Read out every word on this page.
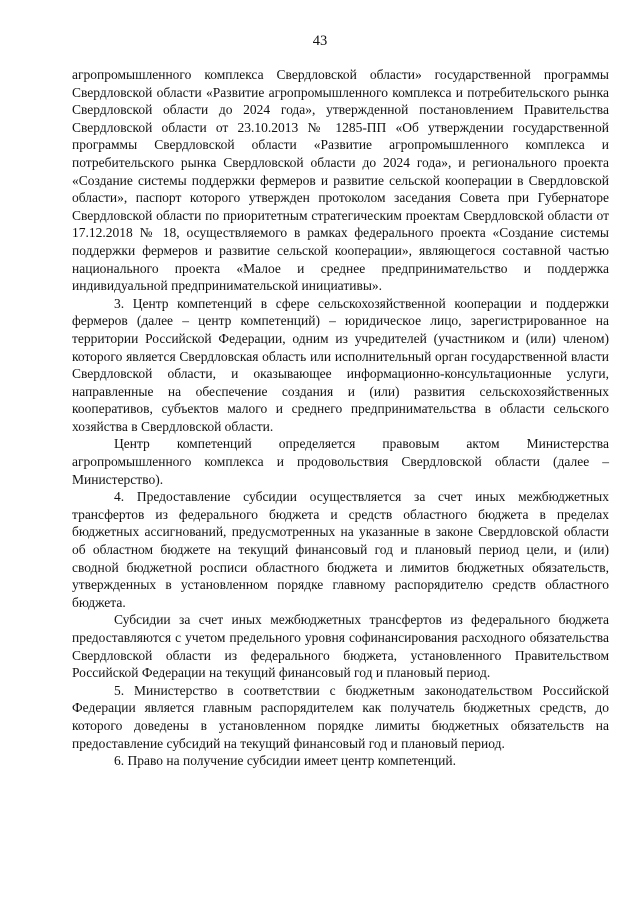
43

агропромышленного комплекса Свердловской области» государственной программы Свердловской области «Развитие агропромышленного комплекса и потребительского рынка Свердловской области до 2024 года», утвержденной постановлением Правительства Свердловской области от 23.10.2013 № 1285-ПП «Об утверждении государственной программы Свердловской области «Развитие агропромышленного комплекса и потребительского рынка Свердловской области до 2024 года», и регионального проекта «Создание системы поддержки фермеров и развитие сельской кооперации в Свердловской области», паспорт которого утвержден протоколом заседания Совета при Губернаторе Свердловской области по приоритетным стратегическим проектам Свердловской области от 17.12.2018 № 18, осуществляемого в рамках федерального проекта «Создание системы поддержки фермеров и развитие сельской кооперации», являющегося составной частью национального проекта «Малое и среднее предпринимательство и поддержка индивидуальной предпринимательской инициативы».

3. Центр компетенций в сфере сельскохозяйственной кооперации и поддержки фермеров (далее – центр компетенций) – юридическое лицо, зарегистрированное на территории Российской Федерации, одним из учредителей (участником и (или) членом) которого является Свердловская область или исполнительный орган государственной власти Свердловской области, и оказывающее информационно-консультационные услуги, направленные на обеспечение создания и (или) развития сельскохозяйственных кооперативов, субъектов малого и среднего предпринимательства в области сельского хозяйства в Свердловской области.

Центр компетенций определяется правовым актом Министерства агропромышленного комплекса и продовольствия Свердловской области (далее – Министерство).

4. Предоставление субсидии осуществляется за счет иных межбюджетных трансфертов из федерального бюджета и средств областного бюджета в пределах бюджетных ассигнований, предусмотренных на указанные в законе Свердловской области об областном бюджете на текущий финансовый год и плановый период цели, и (или) сводной бюджетной росписи областного бюджета и лимитов бюджетных обязательств, утвержденных в установленном порядке главному распорядителю средств областного бюджета.

Субсидии за счет иных межбюджетных трансфертов из федерального бюджета предоставляются с учетом предельного уровня софинансирования расходного обязательства Свердловской области из федерального бюджета, установленного Правительством Российской Федерации на текущий финансовый год и плановый период.

5. Министерство в соответствии с бюджетным законодательством Российской Федерации является главным распорядителем как получатель бюджетных средств, до которого доведены в установленном порядке лимиты бюджетных обязательств на предоставление субсидий на текущий финансовый год и плановый период.

6. Право на получение субсидии имеет центр компетенций.
